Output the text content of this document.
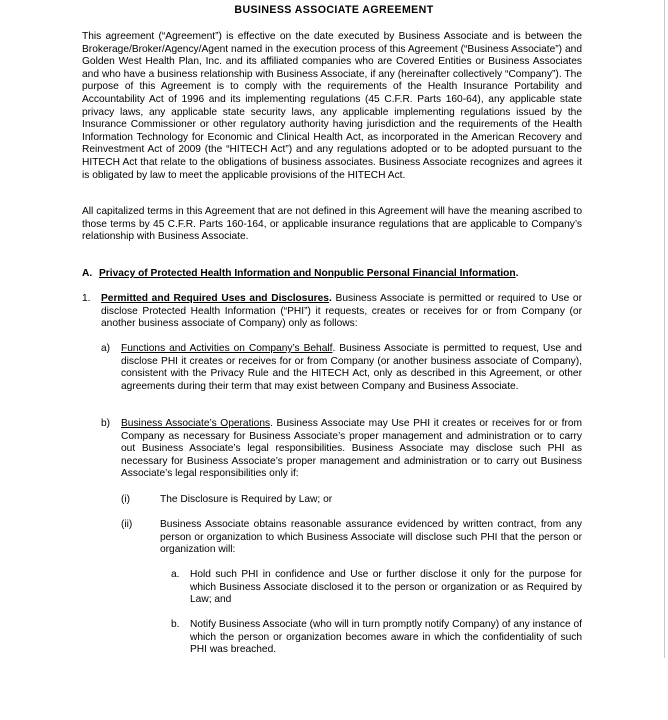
BUSINESS ASSOCIATE AGREEMENT

This agreement (“Agreement”) is effective on the date executed by Business Associate and is between the Brokerage/Broker/Agency/Agent named in the execution process of this Agreement (“Business Associate”) and Golden West Health Plan, Inc. and its affiliated companies who are Covered Entities or Business Associates and who have a business relationship with Business Associate, if any (hereinafter collectively “Company”). The purpose of this Agreement is to comply with the requirements of the Health Insurance Portability and Accountability Act of 1996 and its implementing regulations (45 C.F.R. Parts 160-64), any applicable state privacy laws, any applicable state security laws, any applicable implementing regulations issued by the Insurance Commissioner or other regulatory authority having jurisdiction and the requirements of the Health Information Technology for Economic and Clinical Health Act, as incorporated in the American Recovery and Reinvestment Act of 2009 (the “HITECH Act”) and any regulations adopted or to be adopted pursuant to the HITECH Act that relate to the obligations of business associates. Business Associate recognizes and agrees it is obligated by law to meet the applicable provisions of the HITECH Act.

All capitalized terms in this Agreement that are not defined in this Agreement will have the meaning ascribed to those terms by 45 C.F.R. Parts 160-164, or applicable insurance regulations that are applicable to Company’s relationship with Business Associate.

A. Privacy of Protected Health Information and Nonpublic Personal Financial Information.
1. Permitted and Required Uses and Disclosures. Business Associate is permitted or required to Use or disclose Protected Health Information (“PHI”) it requests, creates or receives for or from Company (or another business associate of Company) only as follows:

a) Functions and Activities on Company’s Behalf. Business Associate is permitted to request, Use and disclose PHI it creates or receives for or from Company (or another business associate of Company), consistent with the Privacy Rule and the HITECH Act, only as described in this Agreement, or other agreements during their term that may exist between Company and Business Associate.

b) Business Associate’s Operations. Business Associate may Use PHI it creates or receives for or from Company as necessary for Business Associate’s proper management and administration or to carry out Business Associate’s legal responsibilities. Business Associate may disclose such PHI as necessary for Business Associate’s proper management and administration or to carry out Business Associate’s legal responsibilities only if:

(i)	The Disclosure is Required by Law; or

(ii)	Business Associate obtains reasonable assurance evidenced by written contract, from any person or organization to which Business Associate will disclose such PHI that the person or organization will:

a. Hold such PHI in confidence and Use or further disclose it only for the purpose for which Business Associate disclosed it to the person or organization or as Required by Law; and

b. Notify Business Associate (who will in turn promptly notify Company) of any instance of which the person or organization becomes aware in which the confidentiality of such PHI was breached.
